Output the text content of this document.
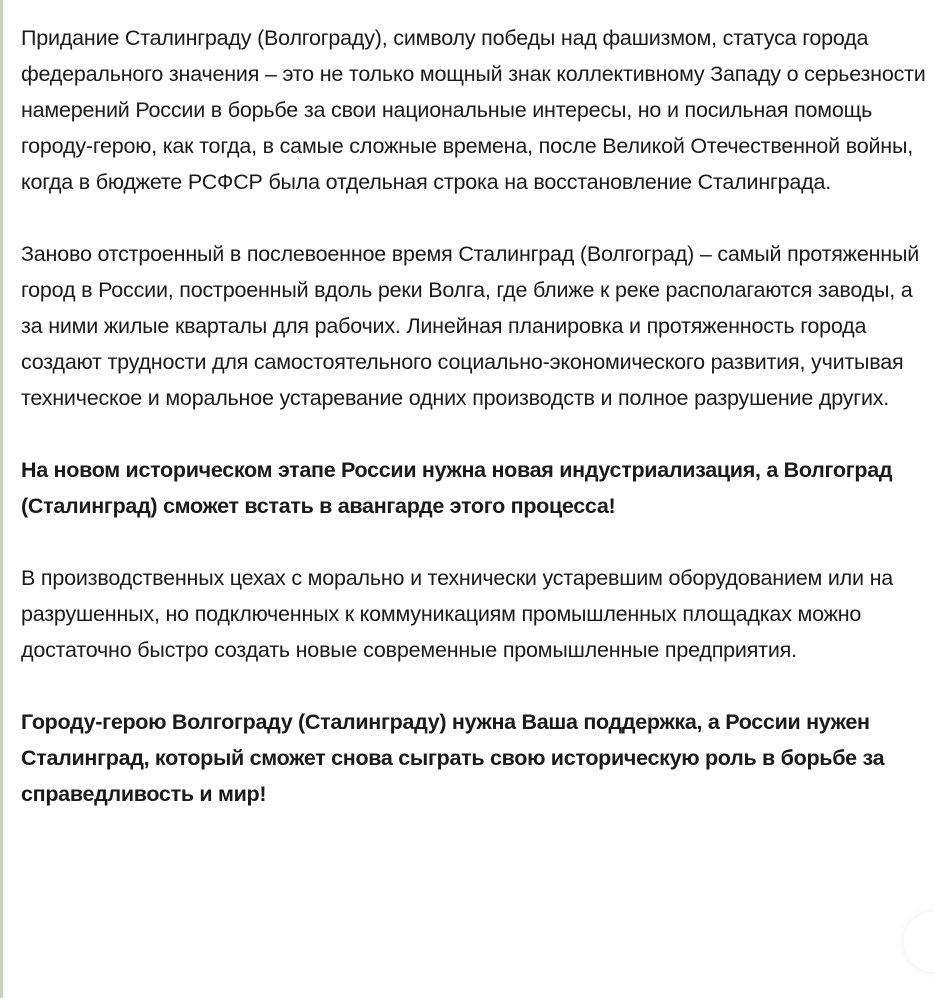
Придание Сталинграду (Волгограду), символу победы над фашизмом, статуса города федерального значения – это не только мощный знак коллективному Западу о серьезности намерений России в борьбе за свои национальные интересы, но и посильная помощь городу-герою, как тогда, в самые сложные времена, после Великой Отечественной войны, когда в бюджете РСФСР была отдельная строка на восстановление Сталинграда.

Заново отстроенный в послевоенное время Сталинград (Волгоград) – самый протяженный город в России, построенный вдоль реки Волга, где ближе к реке располагаются заводы, а за ними жилые кварталы для рабочих. Линейная планировка и протяженность города создают трудности для самостоятельного социально-экономического развития, учитывая техническое и моральное устаревание одних производств и полное разрушение других.

На новом историческом этапе России нужна новая индустриализация, а Волгоград (Сталинград) сможет встать в авангарде этого процесса!

В производственных цехах с морально и технически устаревшим оборудованием или на разрушенных, но подключенных к коммуникациям промышленных площадках можно достаточно быстро создать новые современные промышленные предприятия.

Городу-герою Волгограду (Сталинграду) нужна Ваша поддержка, а России нужен Сталинград, который сможет снова сыграть свою историческую роль в борьбе за справедливость и мир!
